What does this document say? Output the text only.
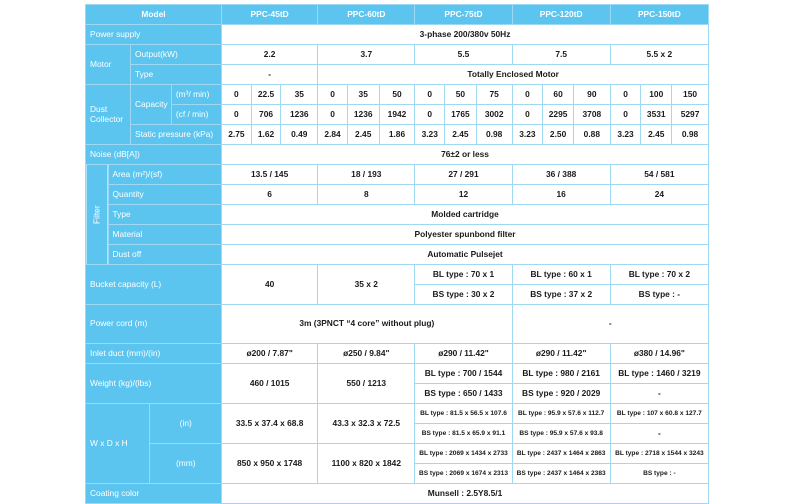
Model					PPC-45tD			PPC-60tD			PPC-75tD			PPC-120tD			PPC-150tD		
Power supply					3-phase 200/380v 50Hz														
Motor		Output(kW)			2.2			3.7			5.5			7.5			5.5 x 2		
		Type			-			Totally Enclosed Motor											
Dust Collector		Capacity		(m³/ min)	0	22.5	35	0	35	50	0	50	75	0	60	90	0	100	150
				(cf / min)	0	706	1236	0	1236	1942	0	1765	3002	0	2295	3708	0	3531	5297
		Static pressure (kPa)			2.75	1.62	0.49	2.84	2.45	1.86	3.23	2.45	0.98	3.23	2.50	0.88	3.23	2.45	0.98
Noise (dB[A])					76±2 or less														
Filter	Area (m²)/(sf)				13.5 / 145			18 / 193			27 / 291			36 / 388			54 / 581		
	Quantity				6			8			12			16			24		
	Type				Molded cartridge														
	Material				Polyester spunbond filter														
	Dust off				Automatic Pulsejet														
Bucket capacity (L)					40			35 x 2			BL type : 70 x 1			BL type : 60 x 1			BL type : 70 x 2		
											BS type : 30 x 2			BS type : 37 x 2			BS type : -		
Power cord (m)					3m (3PNCT “4 core” without plug)									-					
Inlet duct (mm)/(in)					ø200 / 7.87"			ø250 / 9.84"			ø290 / 11.42"			ø290 / 11.42"			ø380 / 14.96"		
Weight (kg)/(lbs)					460 / 1015			550 / 1213			BL type : 700 / 1544			BL type : 980 / 2161			BL type : 1460 / 3219		
											BS type : 650 / 1433			BS type : 920 / 2029			-		
W x D x H			(in)		33.5 x 37.4 x 68.8			43.3 x 32.3 x 72.5			BL type : 81.5 x 56.5 x 107.6			BL type : 95.9 x 57.6 x 112.7			BL type : 107 x 60.8 x 127.7		
											BS type : 81.5 x 65.9 x 91.1			BS type : 95.9 x 57.6 x 93.8			-		
			(mm)		850 x 950 x 1748			1100 x 820 x 1842			BL type : 2069 x 1434 x 2733			BL type : 2437 x 1464 x 2863			BL type : 2718 x 1544 x 3243		
											BS type : 2069 x 1674 x 2313			BS type : 2437 x 1464 x 2383			BS type : -		
Coating color					Munsell : 2.5Y8.5/1														
